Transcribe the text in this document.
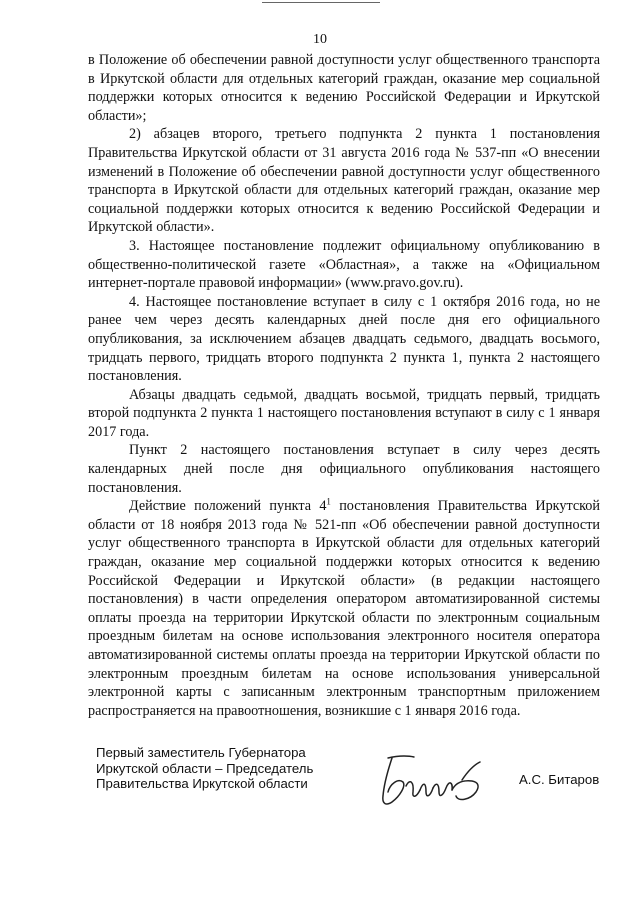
10

в Положение об обеспечении равной доступности услуг общественного транспорта в Иркутской области для отдельных категорий граждан, оказание мер социальной поддержки которых относится к ведению Российской Федерации и Иркутской области»;

2) абзацев второго, третьего подпункта 2 пункта 1 постановления Правительства Иркутской области от 31 августа 2016 года № 537-пп «О внесении изменений в Положение об обеспечении равной доступности услуг общественного транспорта в Иркутской области для отдельных категорий граждан, оказание мер социальной поддержки которых относится к ведению Российской Федерации и Иркутской области».

3. Настоящее постановление подлежит официальному опубликованию в общественно-политической газете «Областная», а также на «Официальном интернет-портале правовой информации» (www.pravo.gov.ru).

4. Настоящее постановление вступает в силу с 1 октября 2016 года, но не ранее чем через десять календарных дней после дня его официального опубликования, за исключением абзацев двадцать седьмого, двадцать восьмого, тридцать первого, тридцать второго подпункта 2 пункта 1, пункта 2 настоящего постановления.

Абзацы двадцать седьмой, двадцать восьмой, тридцать первый, тридцать второй подпункта 2 пункта 1 настоящего постановления вступают в силу с 1 января 2017 года.

Пункт 2 настоящего постановления вступает в силу через десять календарных дней после дня официального опубликования настоящего постановления.

Действие положений пункта $4^1$ постановления Правительства Иркутской области от 18 ноября 2013 года № 521-пп «Об обеспечении равной доступности услуг общественного транспорта в Иркутской области для отдельных категорий граждан, оказание мер социальной поддержки которых относится к ведению Российской Федерации и Иркутской области» (в редакции настоящего постановления) в части определения оператором автоматизированной системы оплаты проезда на территории Иркутской области по электронным социальным проездным билетам на основе использования электронного носителя оператора автоматизированной системы оплаты проезда на территории Иркутской области по электронным проездным билетам на основе использования универсальной электронной карты с записанным электронным транспортным приложением распространяется на правоотношения, возникшие с 1 января 2016 года.

Первый заместитель Губернатора
Иркутской области – Председатель
Правительства Иркутской области	А.С. Битаров
